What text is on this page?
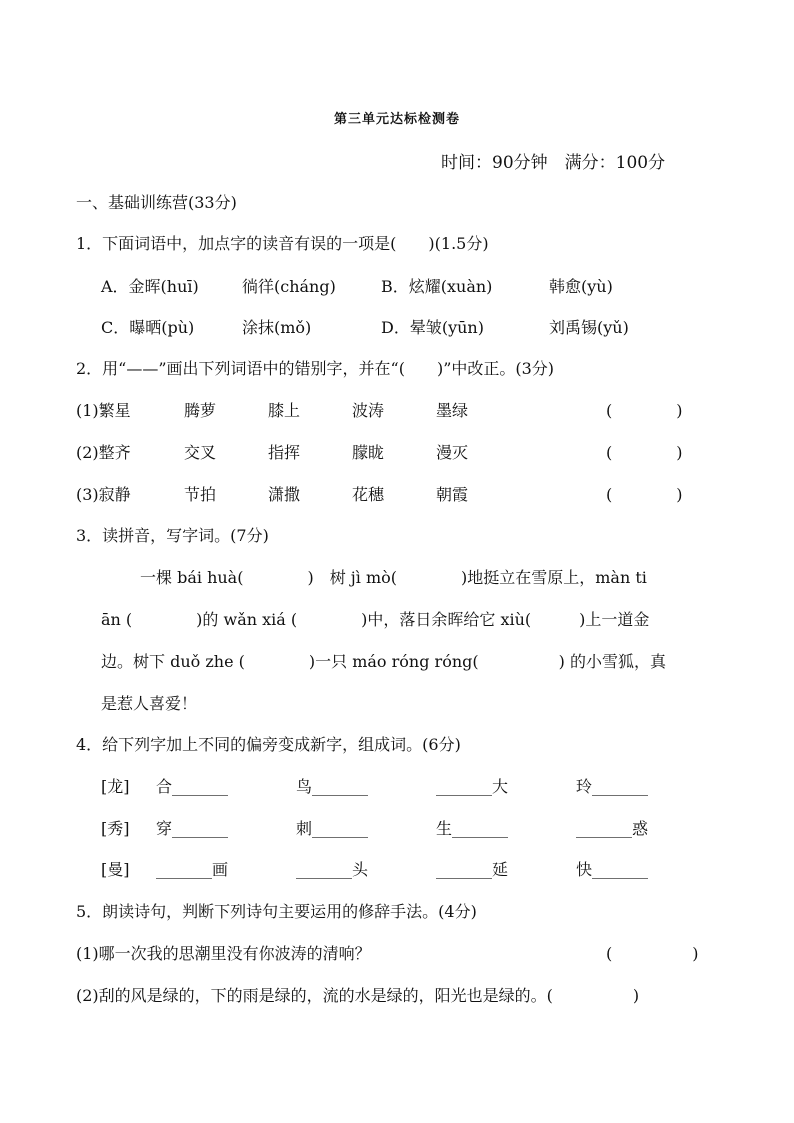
第三单元达标检测卷
时间：90分钟　满分：100分
一、基础训练营(33分)
1．下面词语中，加点字的读音有误的一项是(　　)(1.5分)
A．金晖(huī)	徜徉(cháng)	B．炫耀(xuàn)	韩愈(yù)
C．曝晒(pù)	涂抹(mǒ)	D．晕皱(yūn)	刘禹锡(yǔ)
2．用“——”画出下列词语中的错别字，并在“(　　)”中改正。(3分)
(1)繁星	腾萝	膝上	波涛	墨绿	(　　　　)
(2)整齐	交叉	指挥	朦眬	漫灭	(　　　　)
(3)寂静	节拍	潇撒	花穗	朝霞	(　　　　)
3．读拼音，写字词。(7分)
一棵 bái huà(　　　　)　树 jì mò(　　　　)地挺立在雪原上，màn ti
ān (　　　　)的 wǎn xiá (　　　　)中，落日余晖给它 xiù(　　　)上一道金
边。树下 duǒ zhe (　　　　)一只 máo róng róng(　　　　　) 的小雪狐，真
是惹人喜爱！
4．给下列字加上不同的偏旁变成新字，组成词。(6分)
[龙] 合_______	鸟_______	_______大	玲_______
[秀] 穿_______	刺_______	生_______	_______惑
[曼] _______画	_______头	_______延	快_______
5．朗读诗句，判断下列诗句主要运用的修辞手法。(4分)
(1)哪一次我的思潮里没有你波涛的清响？	(　　　　　)
(2)刮的风是绿的，下的雨是绿的，流的水是绿的，阳光也是绿的。(　　　　　)
